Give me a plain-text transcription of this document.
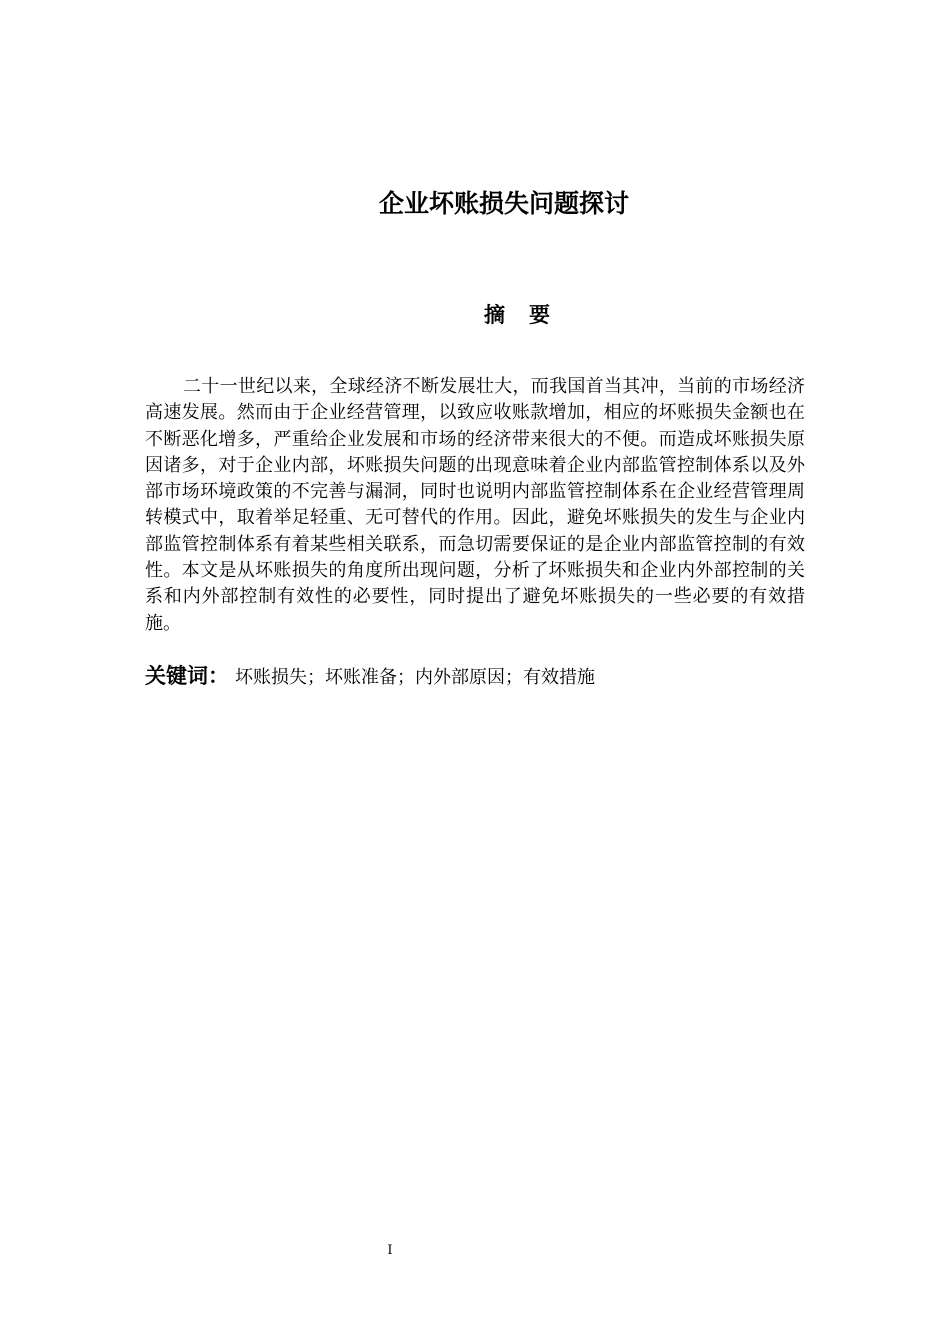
企业坏账损失问题探讨
摘 要

二十一世纪以来，全球经济不断发展壮大，而我国首当其冲，当前的市场经济高速发展。然而由于企业经营管理，以致应收账款增加，相应的坏账损失金额也在不断恶化增多，严重给企业发展和市场的经济带来很大的不便。而造成坏账损失原因诸多，对于企业内部，坏账损失问题的出现意味着企业内部监管控制体系以及外部市场环境政策的不完善与漏洞，同时也说明内部监管控制体系在企业经营管理周转模式中，取着举足轻重、无可替代的作用。因此，避免坏账损失的发生与企业内部监管控制体系有着某些相关联系，而急切需要保证的是企业内部监管控制的有效性。本文是从坏账损失的角度所出现问题，分析了坏账损失和企业内外部控制的关系和内外部控制有效性的必要性，同时提出了避免坏账损失的一些必要的有效措施。

关键词： 坏账损失；坏账准备；内外部原因；有效措施
I
